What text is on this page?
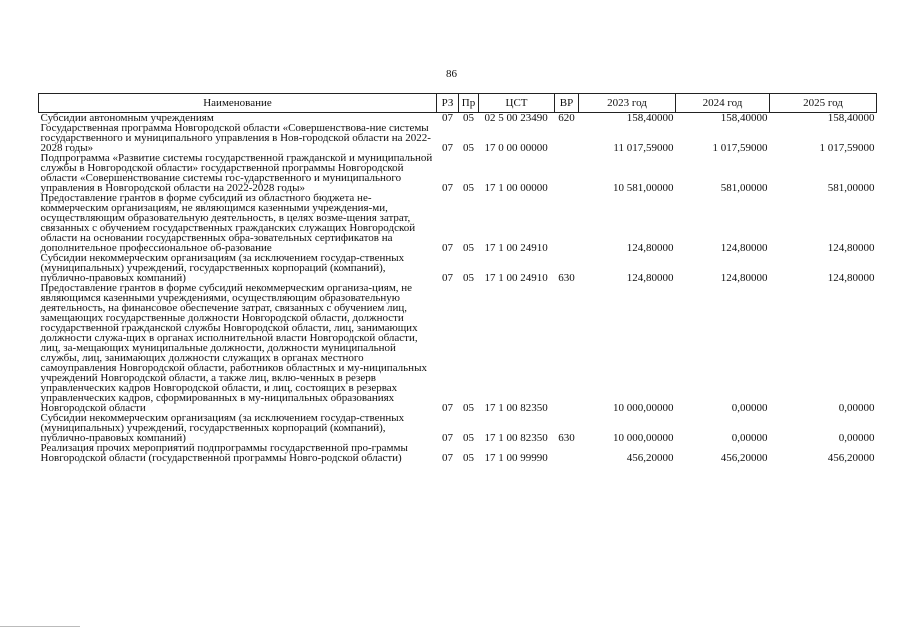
86
Наименование	РЗ	Пр	ЦСТ	ВР	2023 год	2024 год	2025 год
Субсидии автономным учреждениям	07	05	02 5 00 23490	620	158,40000	158,40000	158,40000
Государственная программа Новгородской области «Совершенствова-ние системы государственного и муниципального управления в Нов-городской области на 2022-2028 годы»	07	05	17 0 00 00000		11 017,59000	1 017,59000	1 017,59000
Подпрограмма «Развитие системы государственной гражданской и муниципальной службы в Новгородской области» государственной программы Новгородской области «Совершенствование системы гос-ударственного и муниципального управления в Новгородской области на 2022-2028 годы»	07	05	17 1 00 00000		10 581,00000	581,00000	581,00000
Предоставление грантов в форме субсидий из областного бюджета не-коммерческим организациям, не являющимся казенными учреждения-ми, осуществляющим образовательную деятельность, в целях возме-щения затрат, связанных с обучением государственных гражданских служащих Новгородской области на основании государственных обра-зовательных сертификатов на дополнительное профессиональное об-разование	07	05	17 1 00 24910		124,80000	124,80000	124,80000
Субсидии некоммерческим организациям (за исключением государ-ственных (муниципальных) учреждений, государственных корпораций (компаний), публично-правовых компаний)	07	05	17 1 00 24910	630	124,80000	124,80000	124,80000
Предоставление грантов в форме субсидий некоммерческим организа-циям, не являющимся казенными учреждениями, осуществляющим образовательную деятельность, на финансовое обеспечение затрат, связанных с обучением лиц, замещающих государственные должности Новгородской области, должности государственной гражданской службы Новгородской области, лиц, занимающих должности служа-щих в органах исполнительной власти Новгородской области, лиц, за-мещающих муниципальные должности, должности муниципальной службы, лиц, занимающих должности служащих в органах местного самоуправления Новгородской области, работников областных и му-ниципальных учреждений Новгородской области, а также лиц, вклю-ченных в резерв управленческих кадров Новгородской области, и лиц, состоящих в резервах управленческих кадров, сформированных в му-ниципальных образованиях Новгородской области	07	05	17 1 00 82350		10 000,00000	0,00000	0,00000
Субсидии некоммерческим организациям (за исключением государ-ственных (муниципальных) учреждений, государственных корпораций (компаний), публично-правовых компаний)	07	05	17 1 00 82350	630	10 000,00000	0,00000	0,00000
Реализация прочих мероприятий подпрограммы государственной про-граммы Новгородской области (государственной программы Новго-родской области)	07	05	17 1 00 99990		456,20000	456,20000	456,20000
